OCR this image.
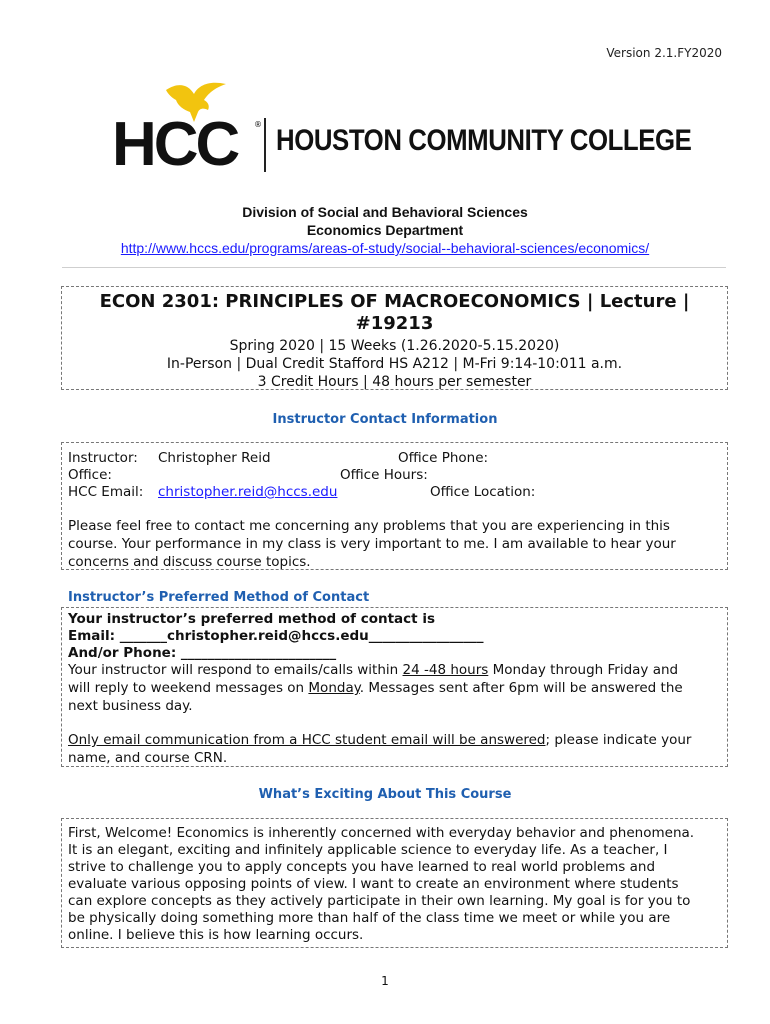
Version 2.1.FY2020
HCC ® HOUSTON COMMUNITY COLLEGE
Division of Social and Behavioral Sciences
Economics Department
http://www.hccs.edu/programs/areas-of-study/social--behavioral-sciences/economics/
ECON 2301: PRINCIPLES OF MACROECONOMICS | Lecture |
#19213
Spring 2020 | 15 Weeks (1.26.2020-5.15.2020)
In-Person | Dual Credit Stafford HS A212 | M-Fri 9:14-10:011 a.m.
3 Credit Hours | 48 hours per semester
Instructor Contact Information
Instructor: Christopher Reid	Office Phone:
Office:	Office Hours:
HCC Email: christopher.reid@hccs.edu	Office Location:
Please feel free to contact me concerning any problems that you are experiencing in this
course. Your performance in my class is very important to me. I am available to hear your
concerns and discuss course topics.
Instructor’s Preferred Method of Contact
Your instructor’s preferred method of contact is
Email: _______christopher.reid@hccs.edu_________________
And/or Phone: _______________________
Your instructor will respond to emails/calls within 24 -48 hours Monday through Friday and
will reply to weekend messages on Monday. Messages sent after 6pm will be answered the
next business day.
Only email communication from a HCC student email will be answered; please indicate your
name, and course CRN.
What’s Exciting About This Course
First, Welcome! Economics is inherently concerned with everyday behavior and phenomena.
It is an elegant, exciting and infinitely applicable science to everyday life. As a teacher, I
strive to challenge you to apply concepts you have learned to real world problems and
evaluate various opposing points of view. I want to create an environment where students
can explore concepts as they actively participate in their own learning. My goal is for you to
be physically doing something more than half of the class time we meet or while you are
online. I believe this is how learning occurs.
1
